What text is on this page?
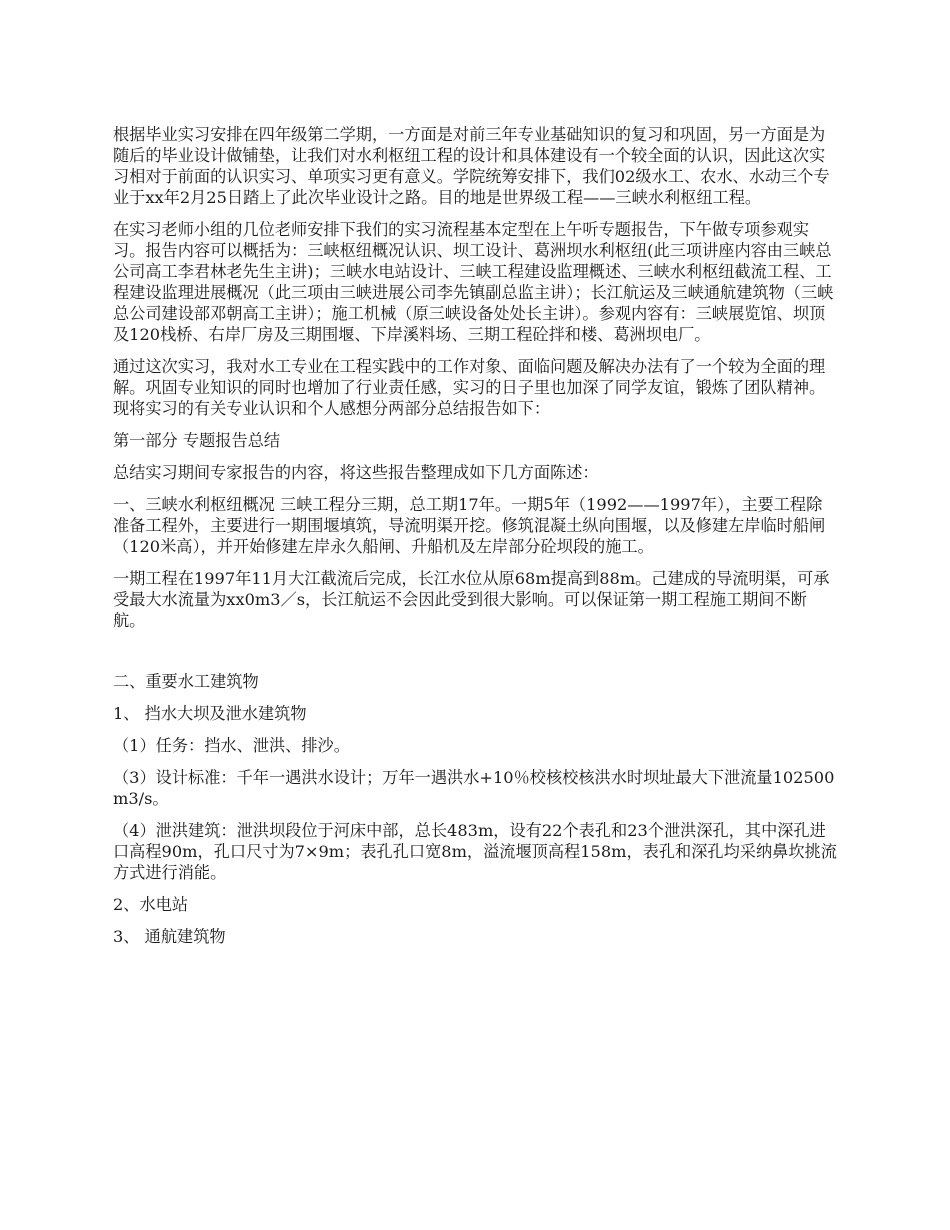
根据毕业实习安排在四年级第二学期，一方面是对前三年专业基础知识的复习和巩固，另一方面是为随后的毕业设计做铺垫，让我们对水利枢纽工程的设计和具体建设有一个较全面的认识，因此这次实习相对于前面的认识实习、单项实习更有意义。学院统筹安排下，我们02级水工、农水、水动三个专业于xx年2月25日踏上了此次毕业设计之路。目的地是世界级工程——三峡水利枢纽工程。

在实习老师小组的几位老师安排下我们的实习流程基本定型在上午听专题报告，下午做专项参观实习。报告内容可以概括为：三峡枢纽概况认识、坝工设计、葛洲坝水利枢纽(此三项讲座内容由三峡总公司高工李君林老先生主讲)；三峡水电站设计、三峡工程建设监理概述、三峡水利枢纽截流工程、工程建设监理进展概况（此三项由三峡进展公司李先镇副总监主讲）；长江航运及三峡通航建筑物（三峡总公司建设部邓朝高工主讲）；施工机械（原三峡设备处处长主讲）。参观内容有：三峡展览馆、坝顶及120栈桥、右岸厂房及三期围堰、下岸溪料场、三期工程砼拌和楼、葛洲坝电厂。

通过这次实习，我对水工专业在工程实践中的工作对象、面临问题及解决办法有了一个较为全面的理解。巩固专业知识的同时也增加了行业责任感，实习的日子里也加深了同学友谊，锻炼了团队精神。现将实习的有关专业认识和个人感想分两部分总结报告如下：

第一部分 专题报告总结

总结实习期间专家报告的内容，将这些报告整理成如下几方面陈述：

一、三峡水利枢纽概况 三峡工程分三期，总工期17年。一期5年（1992——1997年），主要工程除准备工程外，主要进行一期围堰填筑，导流明渠开挖。修筑混凝土纵向围堰，以及修建左岸临时船闸（120米高），并开始修建左岸永久船闸、升船机及左岸部分砼坝段的施工。

一期工程在1997年11月大江截流后完成，长江水位从原68m提高到88m。己建成的导流明渠，可承受最大水流量为xx0m3／s，长江航运不会因此受到很大影响。可以保证第一期工程施工期间不断航。

二、重要水工建筑物

1、 挡水大坝及泄水建筑物

（1）任务：挡水、泄洪、排沙。

（3）设计标准：千年一遇洪水设计；万年一遇洪水+10％校核校核洪水时坝址最大下泄流量102500m3/s。

（4）泄洪建筑：泄洪坝段位于河床中部，总长483m，设有22个表孔和23个泄洪深孔，其中深孔进口高程90m，孔口尺寸为7×9m；表孔孔口宽8m，溢流堰顶高程158m，表孔和深孔均采纳鼻坎挑流方式进行消能。

2、水电站

3、 通航建筑物
